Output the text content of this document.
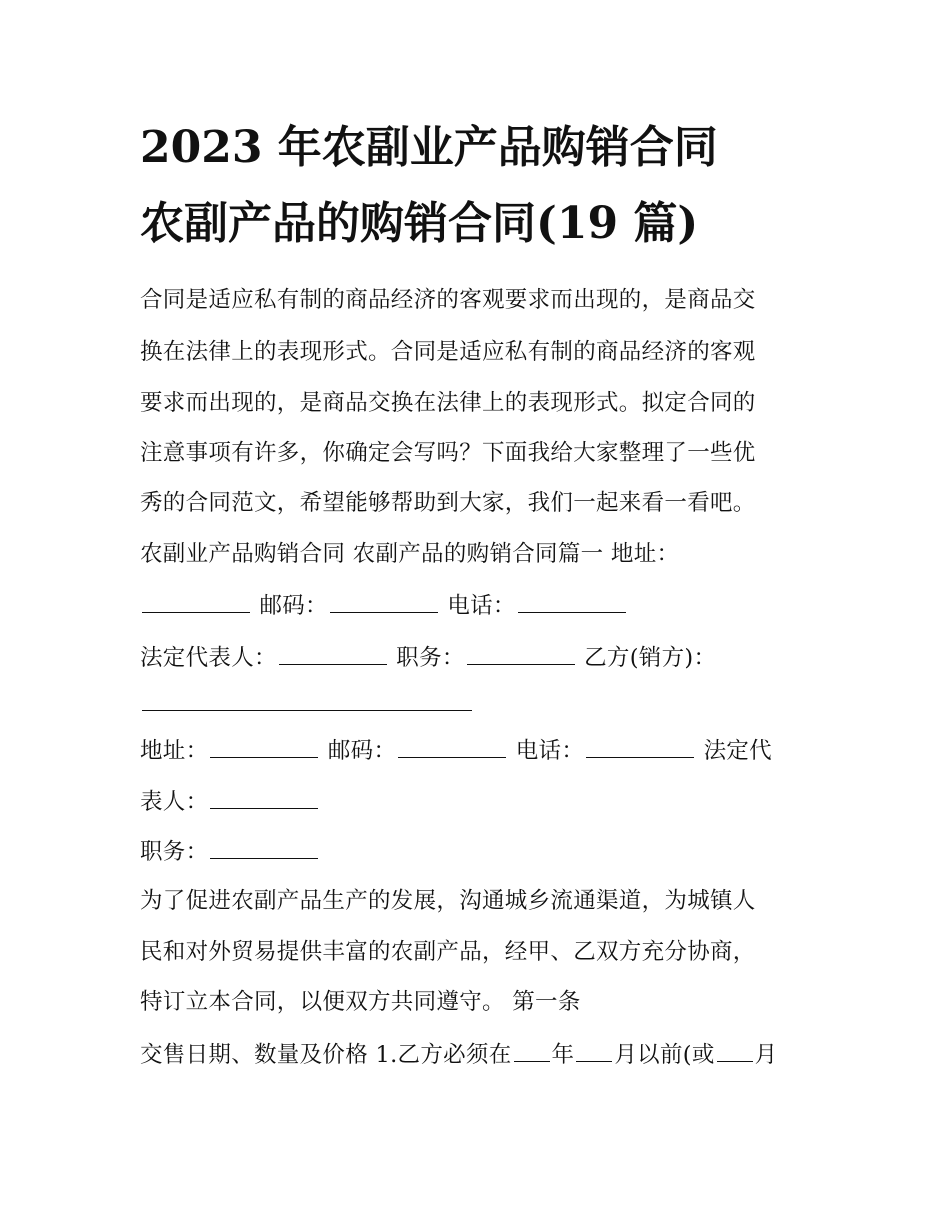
2023 年农副业产品购销合同
农副产品的购销合同(19 篇)

合同是适应私有制的商品经济的客观要求而出现的，是商品交

换在法律上的表现形式。合同是适应私有制的商品经济的客观

要求而出现的，是商品交换在法律上的表现形式。拟定合同的

注意事项有许多，你确定会写吗？下面我给大家整理了一些优

秀的合同范文，希望能够帮助到大家，我们一起来看一看吧。

农副业产品购销合同 农副产品的购销合同篇一 地址：

邮码：	电话：

法定代表人：	职务：	乙方(销方)：

地址：	邮码：	电话：	法定代

表人：

职务：

为了促进农副产品生产的发展，沟通城乡流通渠道，为城镇人

民和对外贸易提供丰富的农副产品，经甲、乙双方充分协商，

特订立本合同，以便双方共同遵守。 第一条

交售日期、数量及价格 1.乙方必须在 年 月以前(或 月
